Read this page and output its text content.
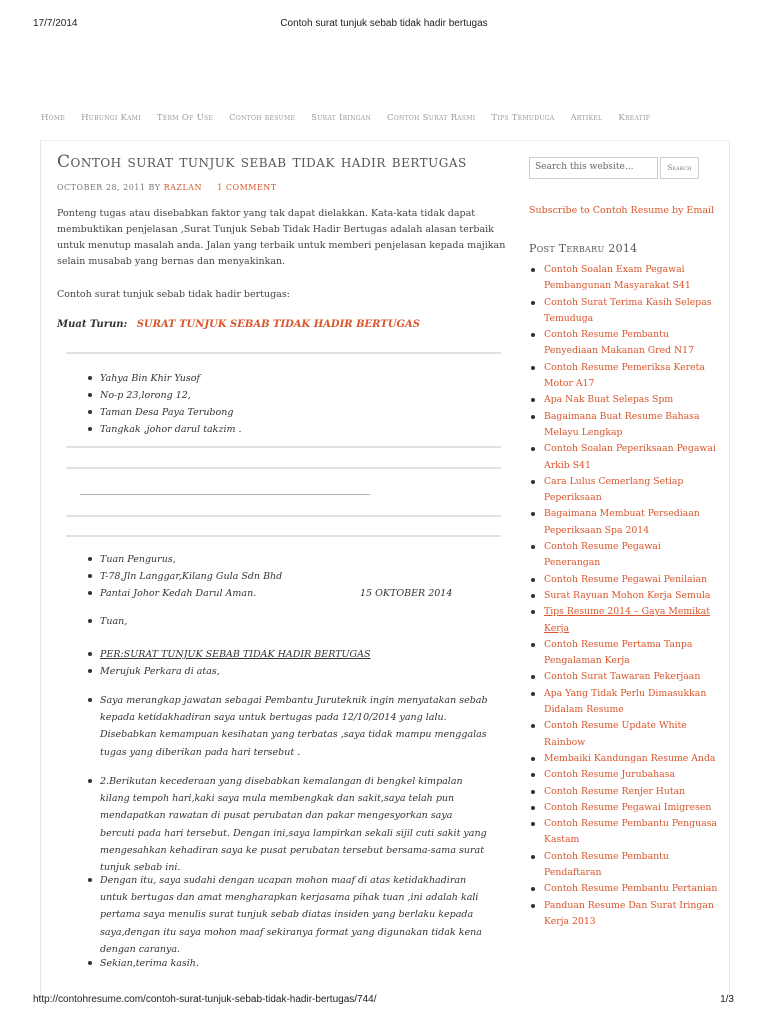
17/7/2014	Contoh surat tunjuk sebab tidak hadir bertugas
Home Hubungi Kami Term Of Use Contoh resume Surat Iringan Contoh Surat Rasmi Tips Temuduga Artikel Kreatif
Contoh surat tunjuk sebab tidak hadir bertugas
OCTOBER 28, 2011 BY RAZLAN 1 COMMENT
Ponteng tugas atau disebabkan faktor yang tak dapat dielakkan. Kata-kata tidak dapat membuktikan penjelasan ,Surat Tunjuk Sebab Tidak Hadir Bertugas adalah alasan terbaik untuk menutup masalah anda. Jalan yang terbaik untuk memberi penjelasan kepada majikan selain musabab yang bernas dan menyakinkan.
Contoh surat tunjuk sebab tidak hadir bertugas:
Muat Turun: SURAT TUNJUK SEBAB TIDAK HADIR BERTUGAS
Yahya Bin Khir Yusof
No-p 23,lorong 12,
Taman Desa Paya Terubong
Tangkak ,johor darul takzim .
_____________________________________________________________________
Tuan Pengurus,
T-78,Jln Langgar,Kilang Gula Sdn Bhd
Pantai Johor Kedah Darul Aman.	15 OKTOBER 2014
Tuan,
PER:SURAT TUNJUK SEBAB TIDAK HADIR BERTUGAS
Merujuk Perkara di atas,
Saya merangkap jawatan sebagai Pembantu Juruteknik ingin menyatakan sebab kepada ketidakhadiran saya untuk bertugas pada 12/10/2014 yang lalu. Disebabkan kemampuan kesihatan yang terbatas ,saya tidak mampu menggalas tugas yang diberikan pada hari tersebut .
2.Berikutan kecederaan yang disebabkan kemalangan di bengkel kimpalan kilang tempoh hari,kaki saya mula membengkak dan sakit,saya telah pun mendapatkan rawatan di pusat perubatan dan pakar mengesyorkan saya bercuti pada hari tersebut. Dengan ini,saya lampirkan sekali sijil cuti sakit yang mengesahkan kehadiran saya ke pusat perubatan tersebut bersama-sama surat tunjuk sebab ini.
Dengan itu, saya sudahi dengan ucapan mohon maaf di atas ketidakhadiran untuk bertugas dan amat mengharapkan kerjasama pihak tuan ,ini adalah kali pertama saya menulis surat tunjuk sebab diatas insiden yang berlaku kepada saya,dengan itu saya mohon maaf sekiranya format yang digunakan tidak kena dengan caranya.
Sekian,terima kasih.
Search this website...	Search
Subscribe to Contoh Resume by Email
Post Terbaru 2014
Contoh Soalan Exam Pegawai Pembangunan Masyarakat S41
Contoh Surat Terima Kasih Selepas Temuduga
Contoh Resume Pembantu Penyediaan Makanan Gred N17
Contoh Resume Pemeriksa Kereta Motor A17
Apa Nak Buat Selepas Spm
Bagaimana Buat Resume Bahasa Melayu Lengkap
Contoh Soalan Peperiksaan Pegawai Arkib S41
Cara Lulus Cemerlang Setiap Peperiksaan
Bagaimana Membuat Persediaan Peperiksaan Spa 2014
Contoh Resume Pegawai Penerangan
Contoh Resume Pegawai Penilaian
Surat Rayuan Mohon Kerja Semula
Tips Resume 2014 – Gaya Memikat Kerja
Contoh Resume Pertama Tanpa Pengalaman Kerja
Contoh Surat Tawaran Pekerjaan
Apa Yang Tidak Perlu Dimasukkan Didalam Resume
Contoh Resume Update White Rainbow
Membaiki Kandungan Resume Anda
Contoh Resume Jurubahasa
Contoh Resume Renjer Hutan
Contoh Resume Pegawai Imigresen
Contoh Resume Pembantu Penguasa Kastam
Contoh Resume Pembantu Pendaftaran
Contoh Resume Pembantu Pertanian
Panduan Resume Dan Surat Iringan Kerja 2013
http://contohresume.com/contoh-surat-tunjuk-sebab-tidak-hadir-bertugas/744/	1/3
